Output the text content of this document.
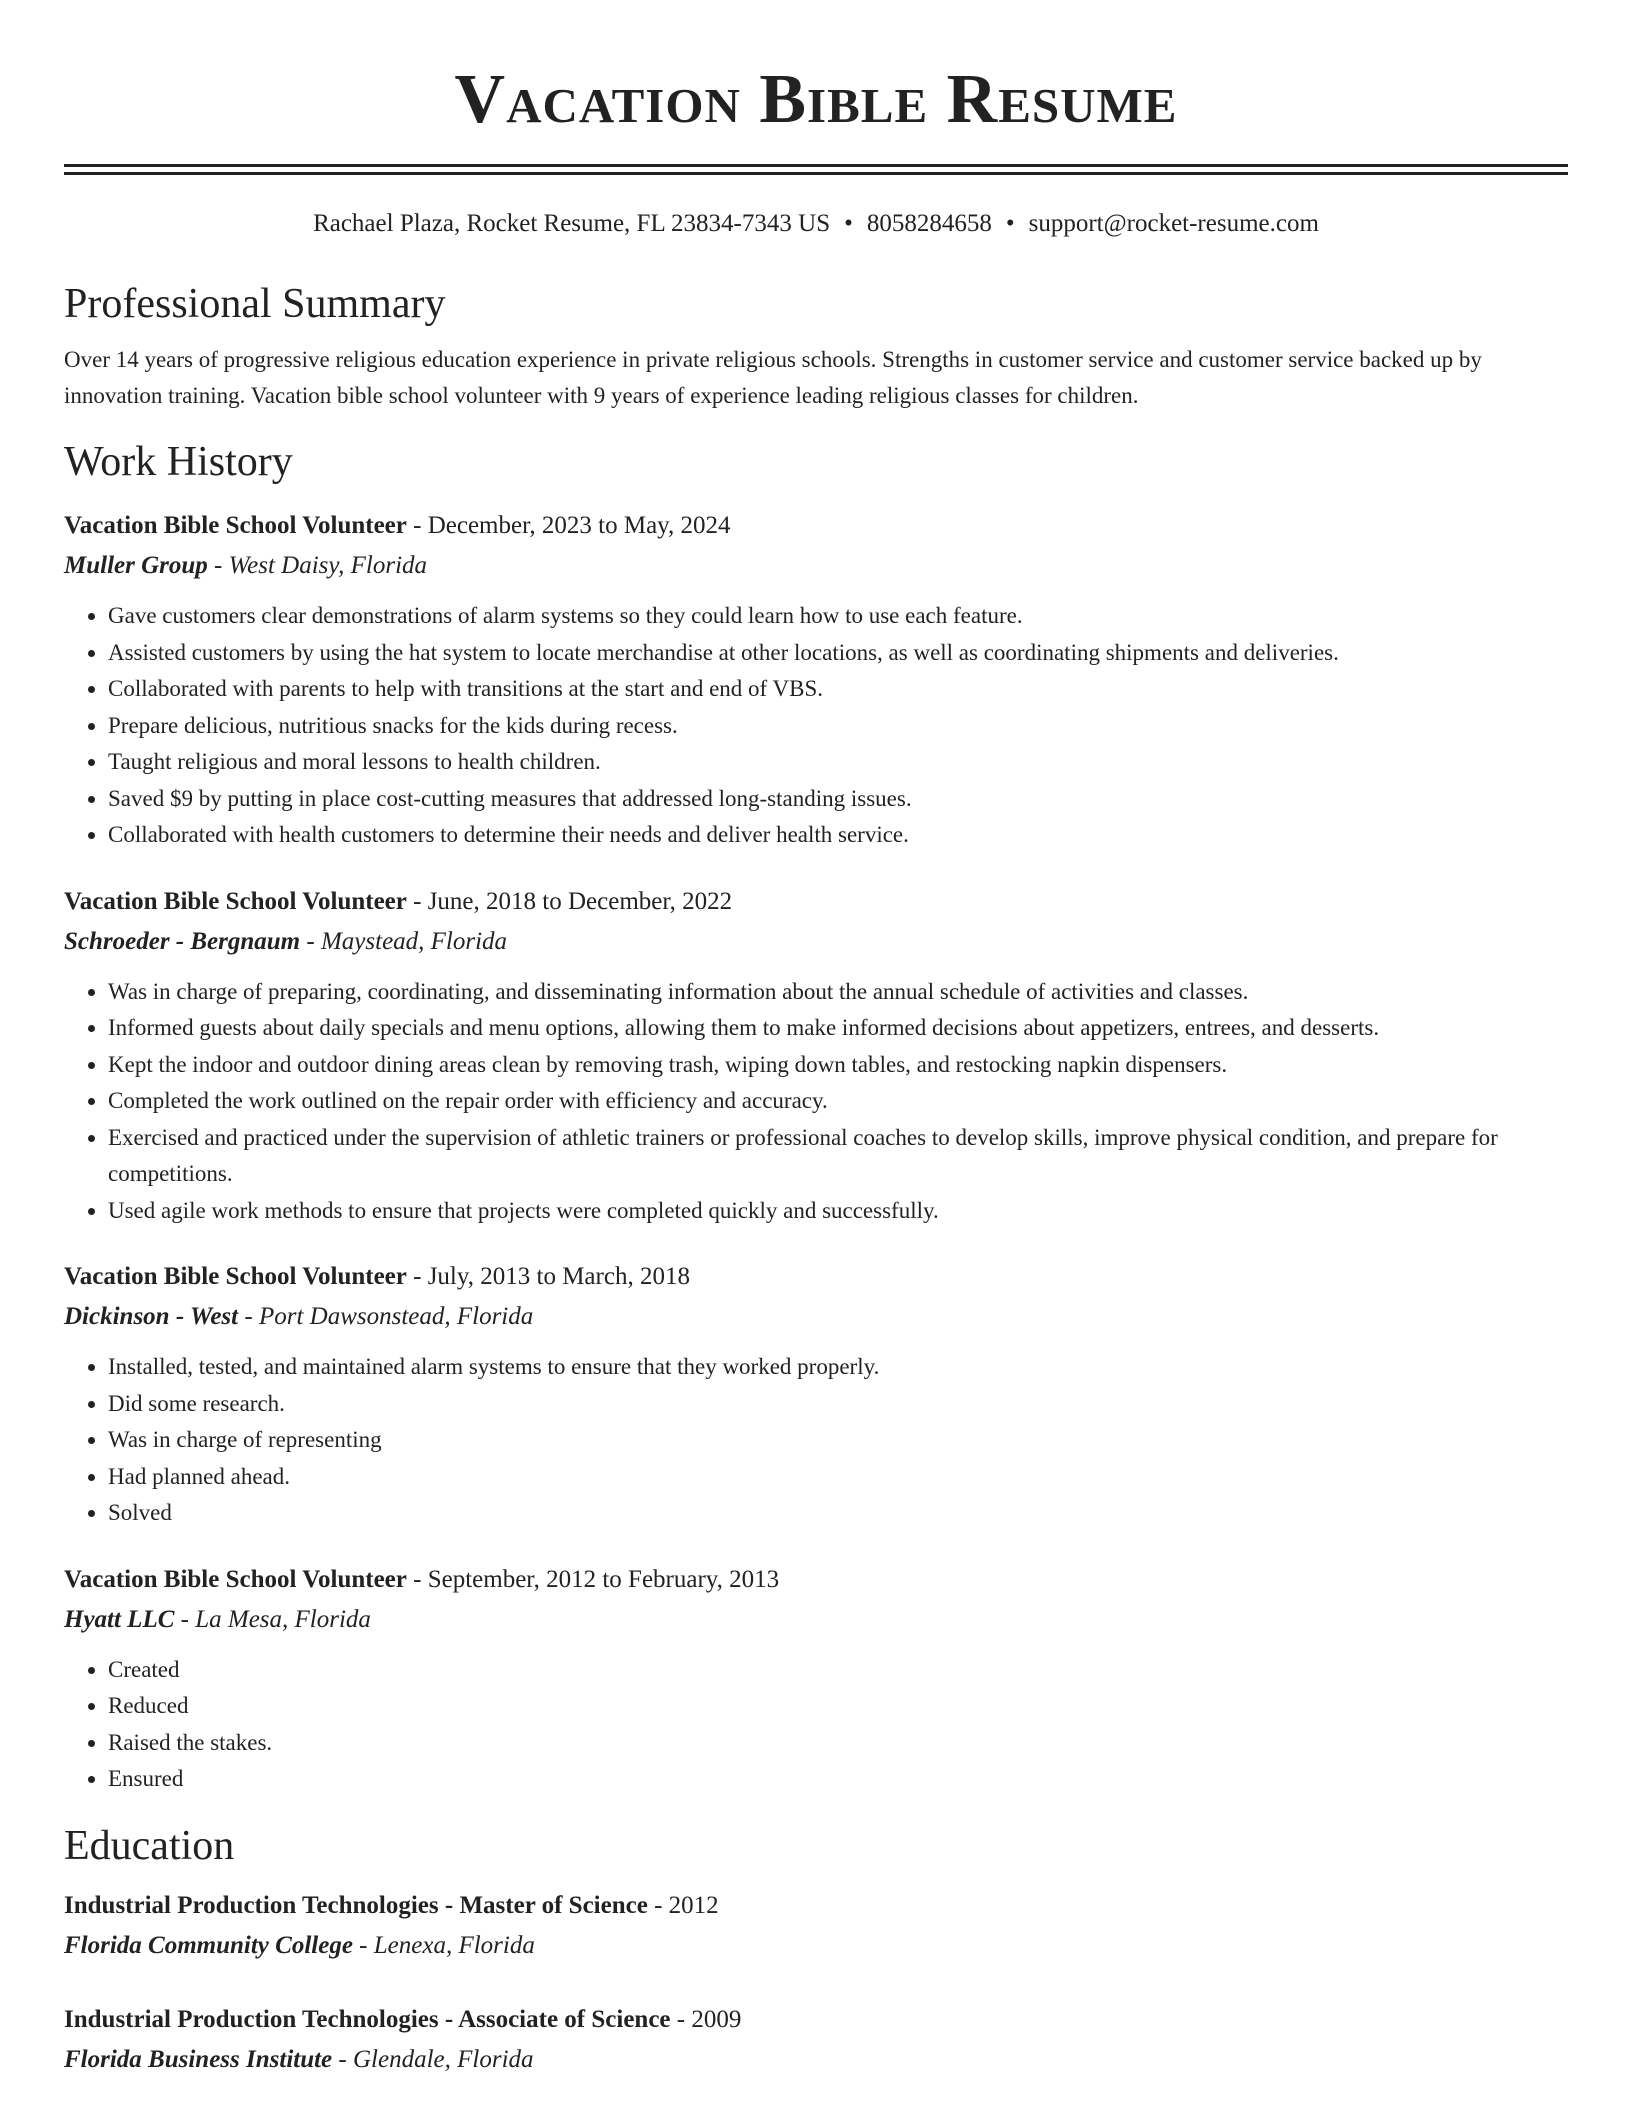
Vacation Bible Resume
Rachael Plaza, Rocket Resume, FL 23834-7343 US • 8058284658 • support@rocket-resume.com
Professional Summary
Over 14 years of progressive religious education experience in private religious schools. Strengths in customer service and customer service backed up by innovation training. Vacation bible school volunteer with 9 years of experience leading religious classes for children.
Work History
Vacation Bible School Volunteer - December, 2023 to May, 2024
Muller Group - West Daisy, Florida
• Gave customers clear demonstrations of alarm systems so they could learn how to use each feature.
• Assisted customers by using the hat system to locate merchandise at other locations, as well as coordinating shipments and deliveries.
• Collaborated with parents to help with transitions at the start and end of VBS.
• Prepare delicious, nutritious snacks for the kids during recess.
• Taught religious and moral lessons to health children.
• Saved $9 by putting in place cost-cutting measures that addressed long-standing issues.
• Collaborated with health customers to determine their needs and deliver health service.
Vacation Bible School Volunteer - June, 2018 to December, 2022
Schroeder - Bergnaum - Maystead, Florida
• Was in charge of preparing, coordinating, and disseminating information about the annual schedule of activities and classes.
• Informed guests about daily specials and menu options, allowing them to make informed decisions about appetizers, entrees, and desserts.
• Kept the indoor and outdoor dining areas clean by removing trash, wiping down tables, and restocking napkin dispensers.
• Completed the work outlined on the repair order with efficiency and accuracy.
• Exercised and practiced under the supervision of athletic trainers or professional coaches to develop skills, improve physical condition, and prepare for competitions.
• Used agile work methods to ensure that projects were completed quickly and successfully.
Vacation Bible School Volunteer - July, 2013 to March, 2018
Dickinson - West - Port Dawsonstead, Florida
• Installed, tested, and maintained alarm systems to ensure that they worked properly.
• Did some research.
• Was in charge of representing
• Had planned ahead.
• Solved
Vacation Bible School Volunteer - September, 2012 to February, 2013
Hyatt LLC - La Mesa, Florida
• Created
• Reduced
• Raised the stakes.
• Ensured
Education
Industrial Production Technologies - Master of Science - 2012
Florida Community College - Lenexa, Florida
Industrial Production Technologies - Associate of Science - 2009
Florida Business Institute - Glendale, Florida
